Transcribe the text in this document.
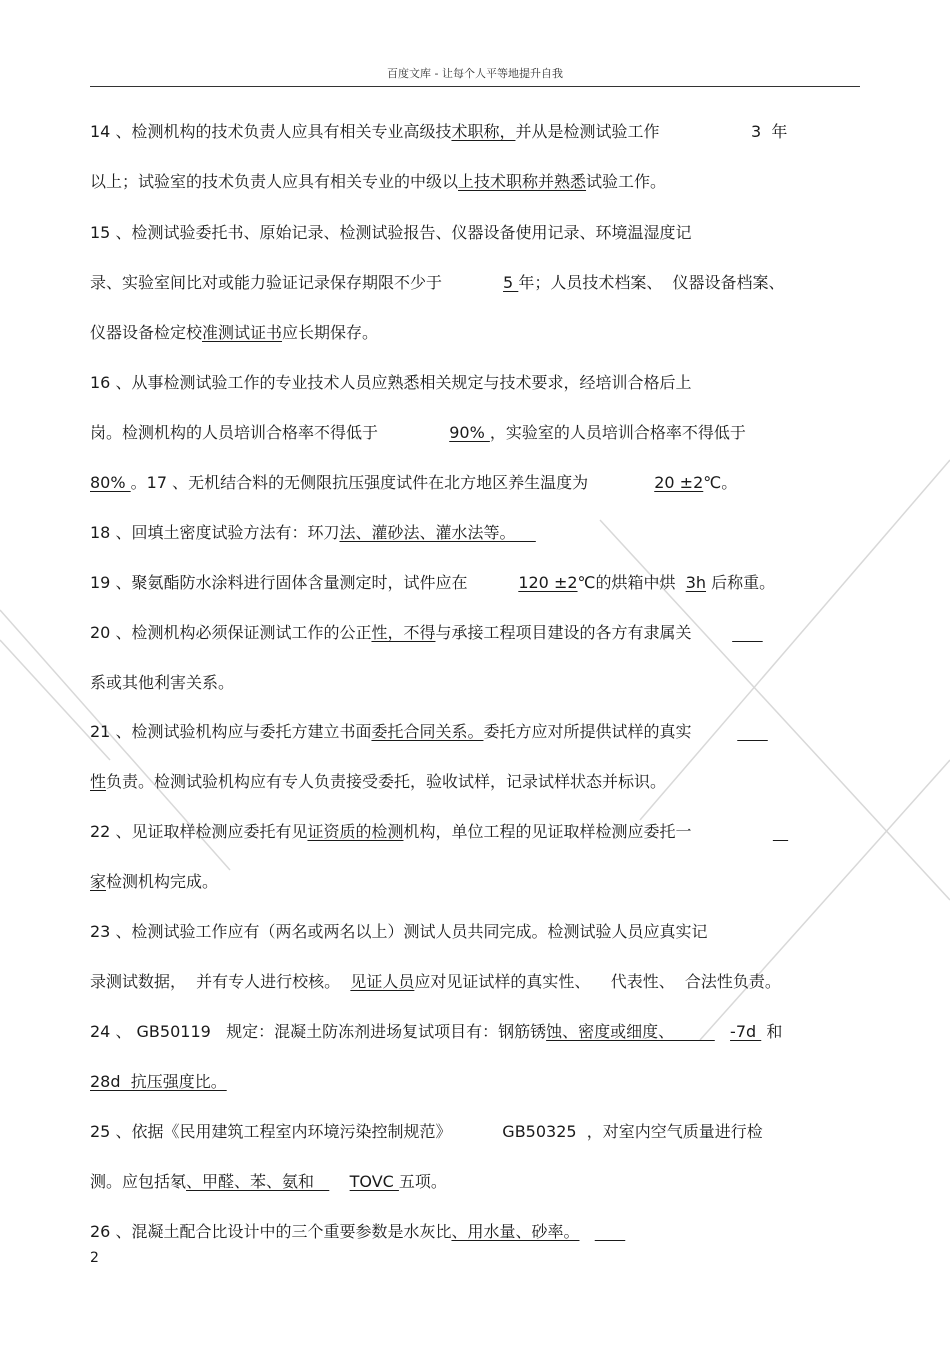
百度文库 - 让每个人平等地提升自我
14 、检测机构的技术负责人应具有相关专业高级技术职称，并从是检测试验工作                  3  年
以上；试验室的技术负责人应具有相关专业的中级以上技术职称并熟悉试验工作。
15 、检测试验委托书、原始记录、检测试验报告、仪器设备使用记录、环境温湿度记
录、实验室间比对或能力验证记录保存期限不少于            5 年；人员技术档案、  仪器设备档案、
仪器设备检定校准测试证书应长期保存。
16 、从事检测试验工作的专业技术人员应熟悉相关规定与技术要求，经培训合格后上
岗。检测机构的人员培训合格率不得低于              90% ，实验室的人员培训合格率不得低于
80% 。17 、无机结合料的无侧限抗压强度试件在北方地区养生温度为             20 ±2℃。
18 、回填土密度试验方法有：环刀法、灌砂法、灌水法等。
19 、聚氨酯防水涂料进行固体含量测定时，试件应在          120 ±2℃的烘箱中烘  3h 后称重。
20 、检测机构必须保证测试工作的公正性，不得与承接工程项目建设的各方有隶属关
系或其他利害关系。
21 、检测试验机构应与委托方建立书面委托合同关系。委托方应对所提供试样的真实
性负责。检测试验机构应有专人负责接受委托，验收试样，记录试样状态并标识。
22 、见证取样检测应委托有见证资质的检测机构，单位工程的见证取样检测应委托一
家检测机构完成。
23 、检测试验工作应有（两名或两名以上）测试人员共同完成。检测试验人员应真实记
录测试数据，  并有专人进行校核。  见证人员应对见证试样的真实性、    代表性、  合法性负责。
24 、 GB50119   规定：混凝土防冻剂进场复试项目有：钢筋锈蚀、密度或细度、           -7d  和
28d  抗压强度比。
25 、依据《民用建筑工程室内环境污染控制规范》          GB50325  ，对室内空气质量进行检
测。应包括氡、甲醛、苯、氨和       TOVC 五项。
26 、混凝土配合比设计中的三个重要参数是水灰比、用水量、砂率。
2
